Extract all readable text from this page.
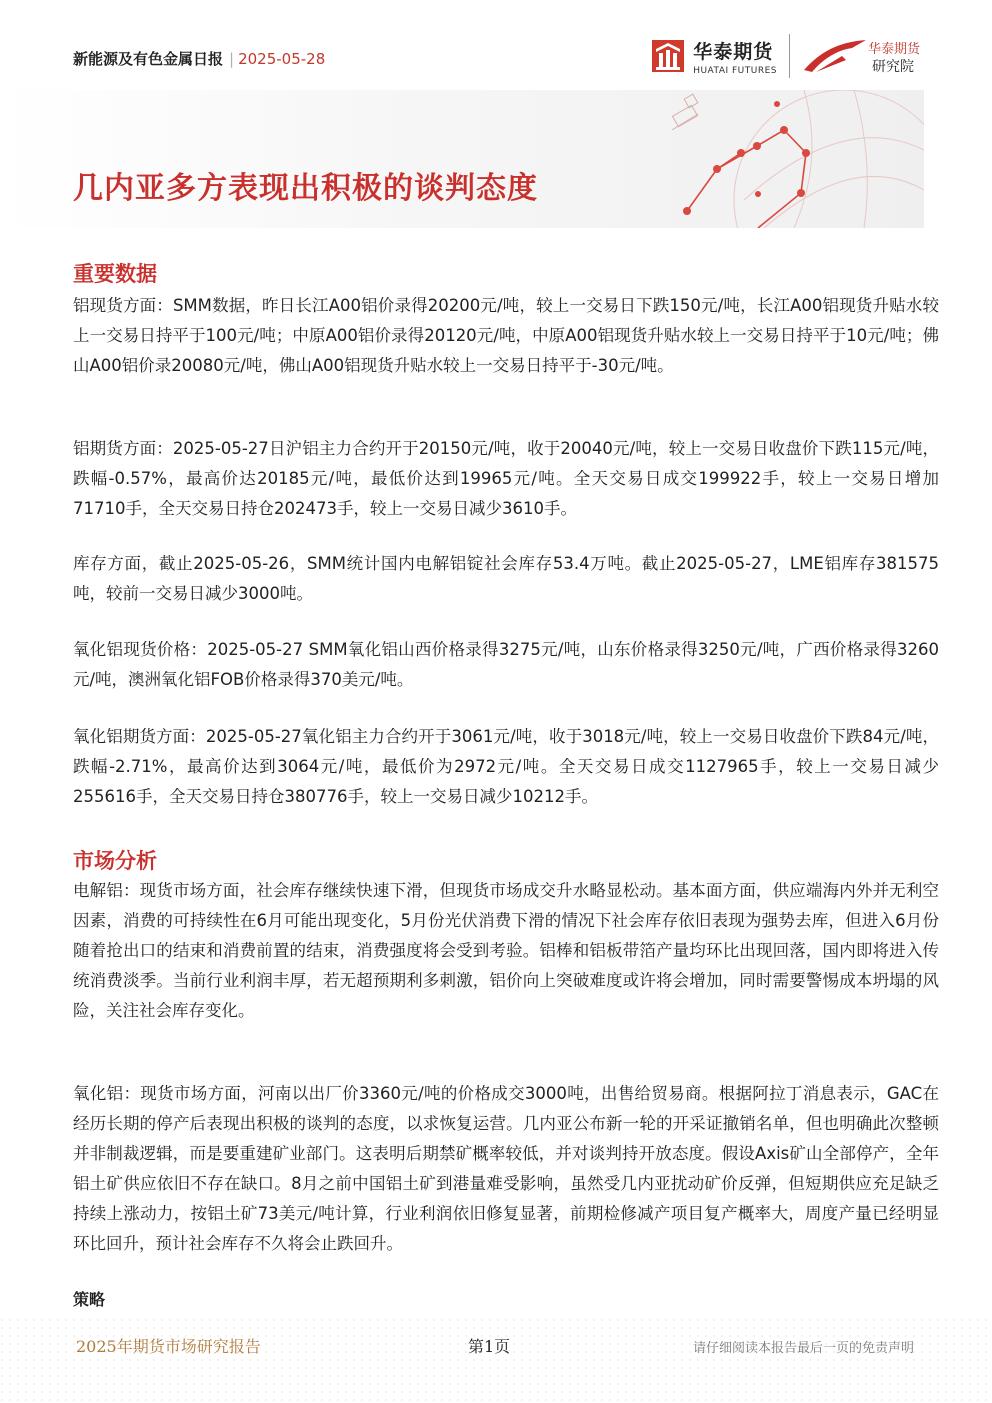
新能源及有色金属日报 | 2025-05-28	华泰期货
HUATAI FUTURES
华泰期货
研究院
几内亚多方表现出积极的谈判态度
重要数据
铝现货方面：SMM数据，昨日长江A00铝价录得20200元/吨，较上一交易日下跌150元/吨，长江A00铝现货升贴水较上一交易日持平于100元/吨；中原A00铝价录得20120元/吨，中原A00铝现货升贴水较上一交易日持平于10元/吨；佛山A00铝价录20080元/吨，佛山A00铝现货升贴水较上一交易日持平于-30元/吨。
铝期货方面：2025-05-27日沪铝主力合约开于20150元/吨，收于20040元/吨，较上一交易日收盘价下跌115元/吨，跌幅-0.57%，最高价达20185元/吨，最低价达到19965元/吨。全天交易日成交199922手，较上一交易日增加71710手，全天交易日持仓202473手，较上一交易日减少3610手。
库存方面，截止2025-05-26，SMM统计国内电解铝锭社会库存53.4万吨。截止2025-05-27，LME铝库存381575吨，较前一交易日减少3000吨。
氧化铝现货价格：2025-05-27 SMM氧化铝山西价格录得3275元/吨，山东价格录得3250元/吨，广西价格录得3260元/吨，澳洲氧化铝FOB价格录得370美元/吨。
氧化铝期货方面：2025-05-27氧化铝主力合约开于3061元/吨，收于3018元/吨，较上一交易日收盘价下跌84元/吨，跌幅-2.71%，最高价达到3064元/吨，最低价为2972元/吨。全天交易日成交1127965手，较上一交易日减少255616手，全天交易日持仓380776手，较上一交易日减少10212手。
市场分析
电解铝：现货市场方面，社会库存继续快速下滑，但现货市场成交升水略显松动。基本面方面，供应端海内外并无利空因素，消费的可持续性在6月可能出现变化，5月份光伏消费下滑的情况下社会库存依旧表现为强势去库，但进入6月份随着抢出口的结束和消费前置的结束，消费强度将会受到考验。铝棒和铝板带箔产量均环比出现回落，国内即将进入传统消费淡季。当前行业利润丰厚，若无超预期利多刺激，铝价向上突破难度或许将会增加，同时需要警惕成本坍塌的风险，关注社会库存变化。
氧化铝：现货市场方面，河南以出厂价3360元/吨的价格成交3000吨，出售给贸易商。根据阿拉丁消息表示，GAC在经历长期的停产后表现出积极的谈判的态度，以求恢复运营。几内亚公布新一轮的开采证撤销名单，但也明确此次整顿并非制裁逻辑，而是要重建矿业部门。这表明后期禁矿概率较低，并对谈判持开放态度。假设Axis矿山全部停产，全年铝土矿供应依旧不存在缺口。8月之前中国铝土矿到港量难受影响，虽然受几内亚扰动矿价反弹，但短期供应充足缺乏持续上涨动力，按铝土矿73美元/吨计算，行业利润依旧修复显著，前期检修减产项目复产概率大，周度产量已经明显环比回升，预计社会库存不久将会止跌回升。
策略
2025年期货市场研究报告	第1页	请仔细阅读本报告最后一页的免责声明
